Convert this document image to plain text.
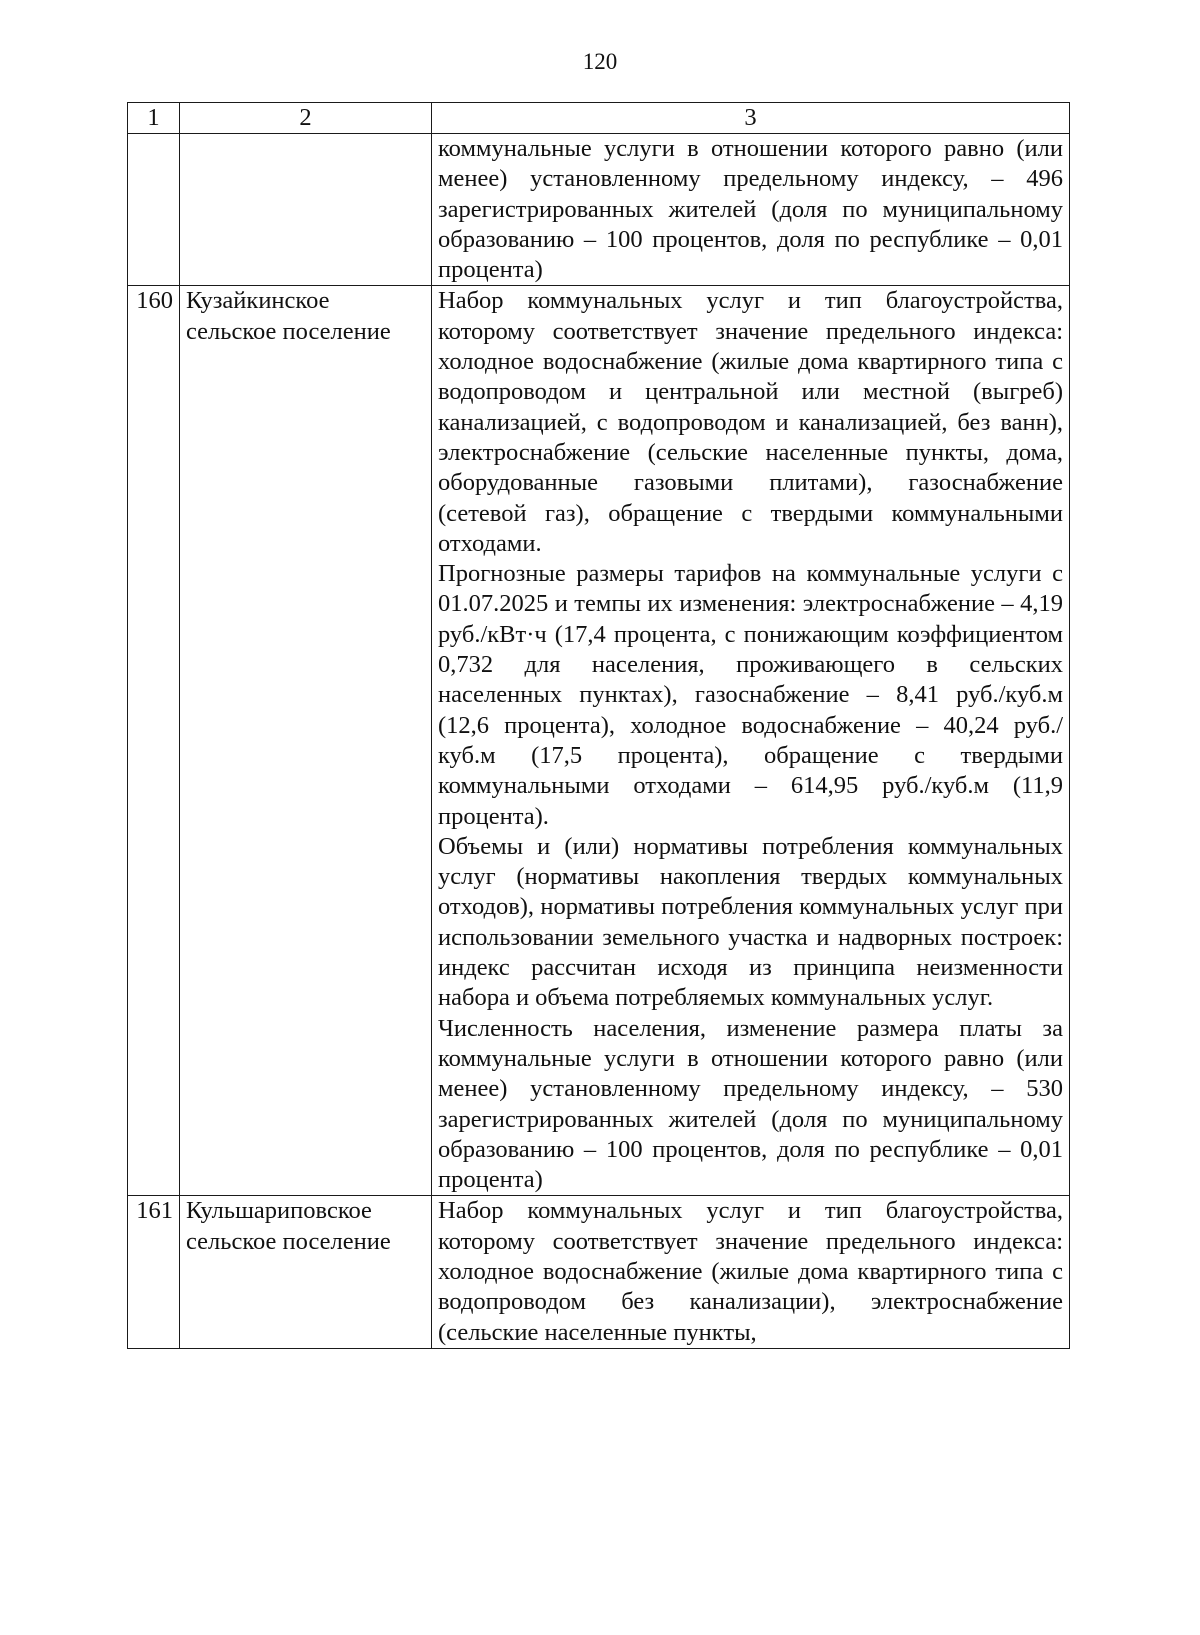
120
1	2	3

		коммунальные услуги в отношении которого равно (или менее) установленному предельному индексу, – 496 зарегистрированных жителей (доля по муниципальному образованию – 100 процентов, доля по республике – 0,01 процента)

160	Кузайкинское сельское поселение	Набор коммунальных услуг и тип благоустройства, которому соответствует значение предельного индекса: холодное водоснабжение (жилые дома квартирного типа с водопроводом и центральной или местной (выгреб) канализацией, с водопроводом и канализацией, без ванн), электроснабжение (сельские населенные пункты, дома, оборудованные газовыми плитами), газоснабжение (сетевой газ), обращение с твердыми коммунальными отходами.

Прогнозные размеры тарифов на коммунальные услуги с 01.07.2025 и темпы их изменения: электроснабжение – 4,19 руб./кВт·ч (17,4 процента, с понижающим коэффициентом 0,732 для населения, проживающего в сельских населенных пунктах), газоснабжение – 8,41 руб./куб.м (12,6 процента), холодное водоснабжение – 40,24 руб./куб.м (17,5 процента), обращение с твердыми коммунальными отходами – 614,95 руб./куб.м (11,9 процента).

Объемы и (или) нормативы потребления коммунальных услуг (нормативы накопления твердых коммунальных отходов), нормативы потребления коммунальных услуг при использовании земельного участка и надворных построек: индекс рассчитан исходя из принципа неизменности набора и объема потребляемых коммунальных услуг.

Численность населения, изменение размера платы за коммунальные услуги в отношении которого равно (или менее) установленному предельному индексу, – 530 зарегистрированных жителей (доля по муниципальному образованию – 100 процентов, доля по республике – 0,01 процента)

161	Кульшариповское сельское поселение	Набор коммунальных услуг и тип благоустройства, которому соответствует значение предельного индекса: холодное водоснабжение (жилые дома квартирного типа с водопроводом без канализации), электроснабжение (сельские населенные пункты,
